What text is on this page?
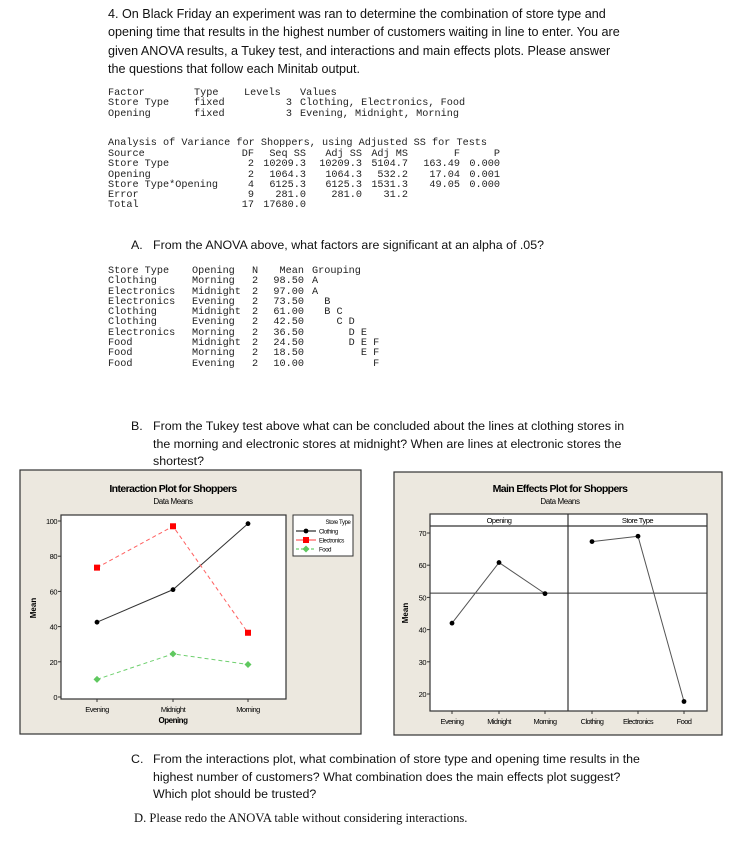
4. On Black Friday an experiment was ran to determine the combination of store type and opening time that results in the highest number of customers waiting in line to enter. You are given ANOVA results, a Tukey test, and interactions and main effects plots. Please answer the questions that follow each Minitab output.
Factor	Type	Levels	Values
Store Type	fixed	3	Clothing, Electronics, Food
Opening	fixed	3	Evening, Midnight, Morning
Analysis of Variance for Shoppers, using Adjusted SS for Tests
Source	DF	Seq SS	Adj SS	Adj MS	F	P
Store Type	2	10209.3	10209.3	5104.7	163.49	0.000
Opening	2	1064.3	1064.3	532.2	17.04	0.001
Store Type*Opening	4	6125.3	6125.3	1531.3	49.05	0.000
Error	9	281.0	281.0	31.2		
Total	17	17680.0				
A. From the ANOVA above, what factors are significant at an alpha of .05?
Store Type	Opening	N	Mean	Grouping
Clothing	Morning	2	98.50	A
Electronics	Midnight	2	97.00	A
Electronics	Evening	2	73.50	B
Clothing	Midnight	2	61.00	B C
Clothing	Evening	2	42.50	C D
Electronics	Morning	2	36.50	D E
Food	Midnight	2	24.50	D E F
Food	Morning	2	18.50	E F
Food	Evening	2	10.00	F
B. From the Tukey test above what can be concluded about the lines at clothing stores in the morning and electronic stores at midnight? When are lines at electronic stores the shortest?
Interaction Plot for Shoppers
Data Means
0
20
40
60
80
100
Mean
Evening	Midnight	Morning
Opening
Store Type
Clothing
Electronics
Food
Main Effects Plot for Shoppers
Data Means
20
30
40
50
60
70
Mean
Opening
Evening	Midnight	Morning
Store Type
Clothing	Electronics	Food
C. From the interactions plot, what combination of store type and opening time results in the highest number of customers? What combination does the main effects plot suggest? Which plot should be trusted?
D. Please redo the ANOVA table without considering interactions.
